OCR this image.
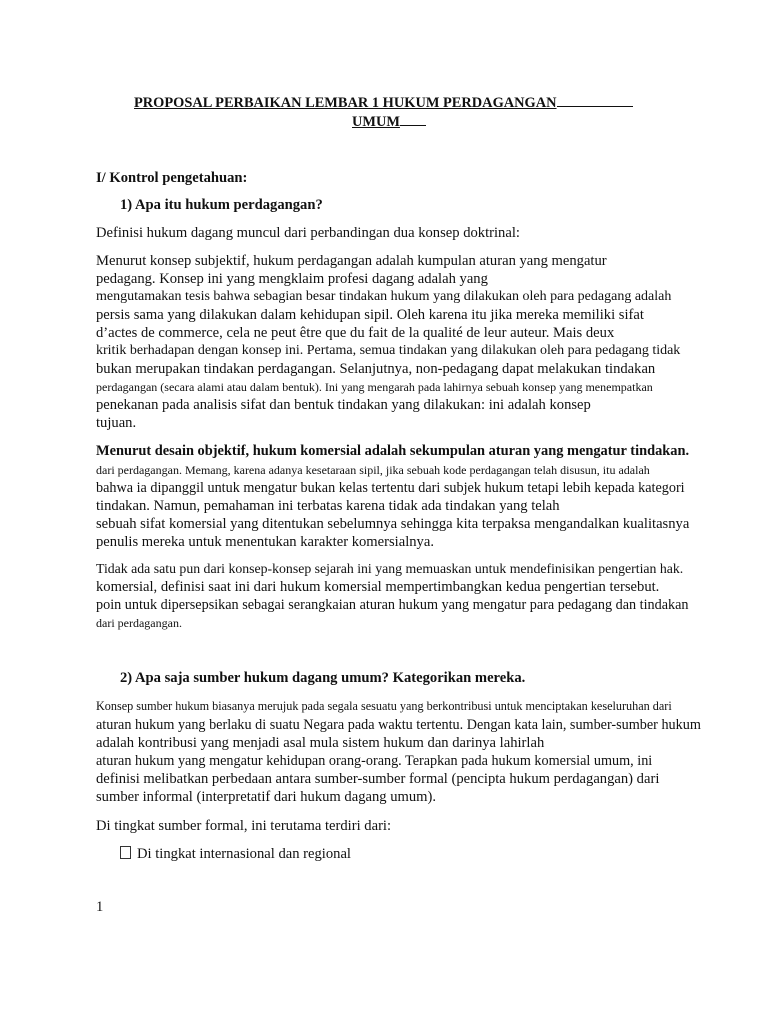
PROPOSAL PERBAIKAN LEMBAR 1 HUKUM PERDAGANGAN
UMUM
I/ Kontrol pengetahuan:
1) Apa itu hukum perdagangan?
Definisi hukum dagang muncul dari perbandingan dua konsep doktrinal:
Menurut konsep subjektif, hukum perdagangan adalah kumpulan aturan yang mengatur
pedagang. Konsep ini yang mengklaim profesi dagang adalah yang
mengutamakan tesis bahwa sebagian besar tindakan hukum yang dilakukan oleh para pedagang adalah
persis sama yang dilakukan dalam kehidupan sipil. Oleh karena itu jika mereka memiliki sifat
d’actes de commerce, cela ne peut être que du fait de la qualité de leur auteur. Mais deux
kritik berhadapan dengan konsep ini. Pertama, semua tindakan yang dilakukan oleh para pedagang tidak
bukan merupakan tindakan perdagangan. Selanjutnya, non-pedagang dapat melakukan tindakan
perdagangan (secara alami atau dalam bentuk). Ini yang mengarah pada lahirnya sebuah konsep yang menempatkan
penekanan pada analisis sifat dan bentuk tindakan yang dilakukan: ini adalah konsep
tujuan.
Menurut desain objektif, hukum komersial adalah sekumpulan aturan yang mengatur tindakan.
dari perdagangan. Memang, karena adanya kesetaraan sipil, jika sebuah kode perdagangan telah disusun, itu adalah
bahwa ia dipanggil untuk mengatur bukan kelas tertentu dari subjek hukum tetapi lebih kepada kategori
tindakan. Namun, pemahaman ini terbatas karena tidak ada tindakan yang telah
sebuah sifat komersial yang ditentukan sebelumnya sehingga kita terpaksa mengandalkan kualitasnya
penulis mereka untuk menentukan karakter komersialnya.
Tidak ada satu pun dari konsep-konsep sejarah ini yang memuaskan untuk mendefinisikan pengertian hak.
komersial, definisi saat ini dari hukum komersial mempertimbangkan kedua pengertian tersebut.
poin untuk dipersepsikan sebagai serangkaian aturan hukum yang mengatur para pedagang dan tindakan
dari perdagangan.
2) Apa saja sumber hukum dagang umum? Kategorikan mereka.
Konsep sumber hukum biasanya merujuk pada segala sesuatu yang berkontribusi untuk menciptakan keseluruhan dari
aturan hukum yang berlaku di suatu Negara pada waktu tertentu. Dengan kata lain, sumber-sumber hukum
adalah kontribusi yang menjadi asal mula sistem hukum dan darinya lahirlah
aturan hukum yang mengatur kehidupan orang-orang. Terapkan pada hukum komersial umum, ini
definisi melibatkan perbedaan antara sumber-sumber formal (pencipta hukum perdagangan) dari
sumber informal (interpretatif dari hukum dagang umum).
Di tingkat sumber formal, ini terutama terdiri dari:
Di tingkat internasional dan regional
1
